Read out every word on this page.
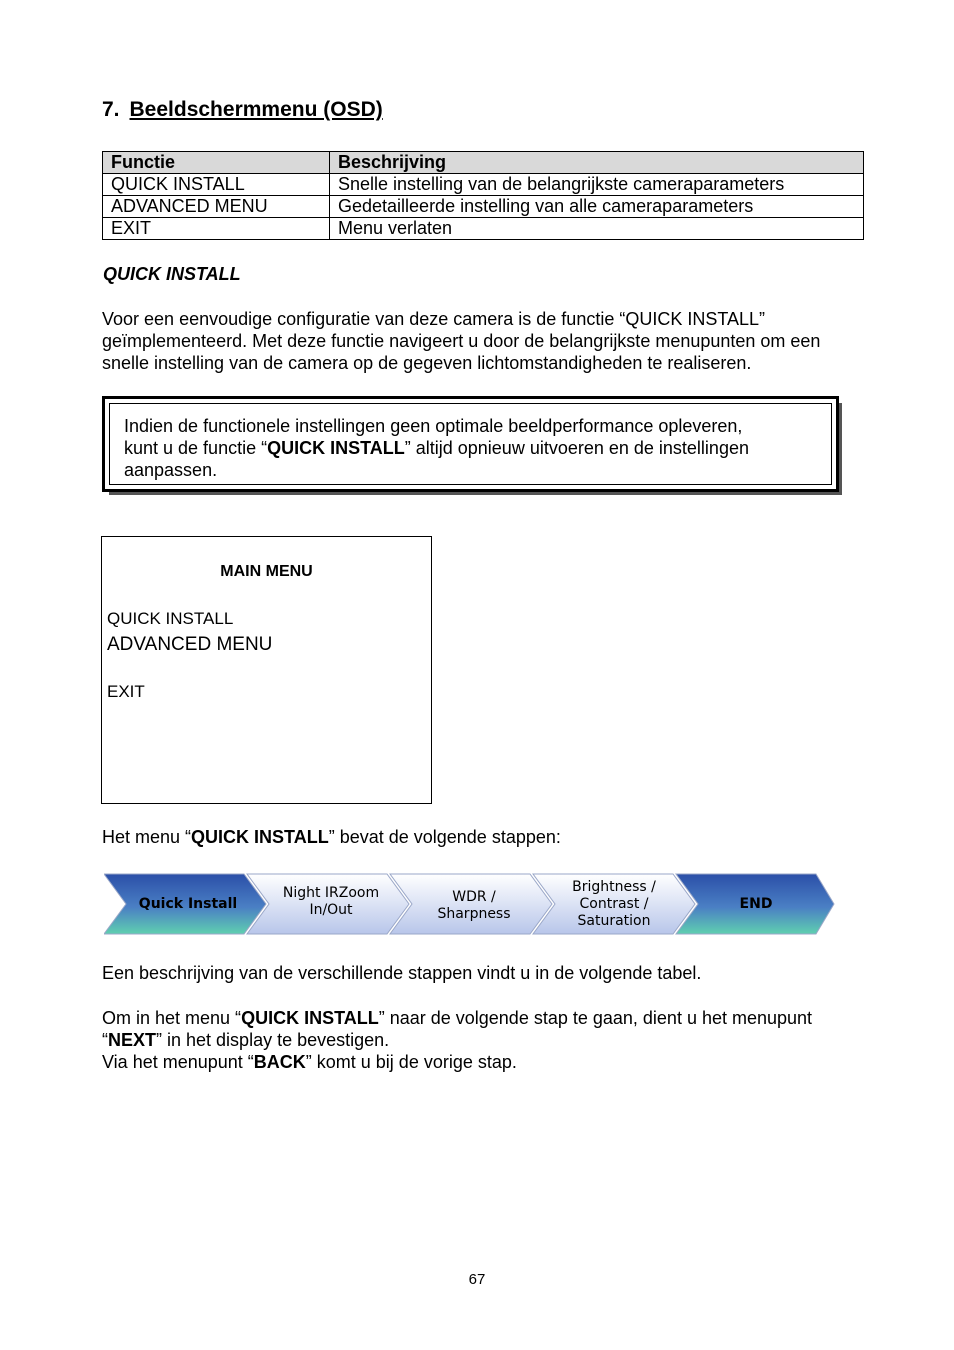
7. Beeldschermmenu (OSD)
Functie	Beschrijving
QUICK INSTALL	Snelle instelling van de belangrijkste cameraparameters
ADVANCED MENU	Gedetailleerde instelling van alle cameraparameters
EXIT	Menu verlaten
QUICK INSTALL
Voor een eenvoudige configuratie van deze camera is de functie “QUICK INSTALL”
geïmplementeerd. Met deze functie navigeert u door de belangrijkste menupunten om een
snelle instelling van de camera op de gegeven lichtomstandigheden te realiseren.
Indien de functionele instellingen geen optimale beeldperformance opleveren,
kunt u de functie “QUICK INSTALL” altijd opnieuw uitvoeren en de instellingen
aanpassen.
MAIN MENU
QUICK INSTALL
ADVANCED MENU
EXIT
Het menu “QUICK INSTALL” bevat de volgende stappen:
Quick Install
Night IRZoom
In/Out
WDR /
Sharpness
Brightness /
Contrast /
Saturation
END
Een beschrijving van de verschillende stappen vindt u in de volgende tabel.
Om in het menu “QUICK INSTALL” naar de volgende stap te gaan, dient u het menupunt
“NEXT” in het display te bevestigen.
Via het menupunt “BACK” komt u bij de vorige stap.
67
